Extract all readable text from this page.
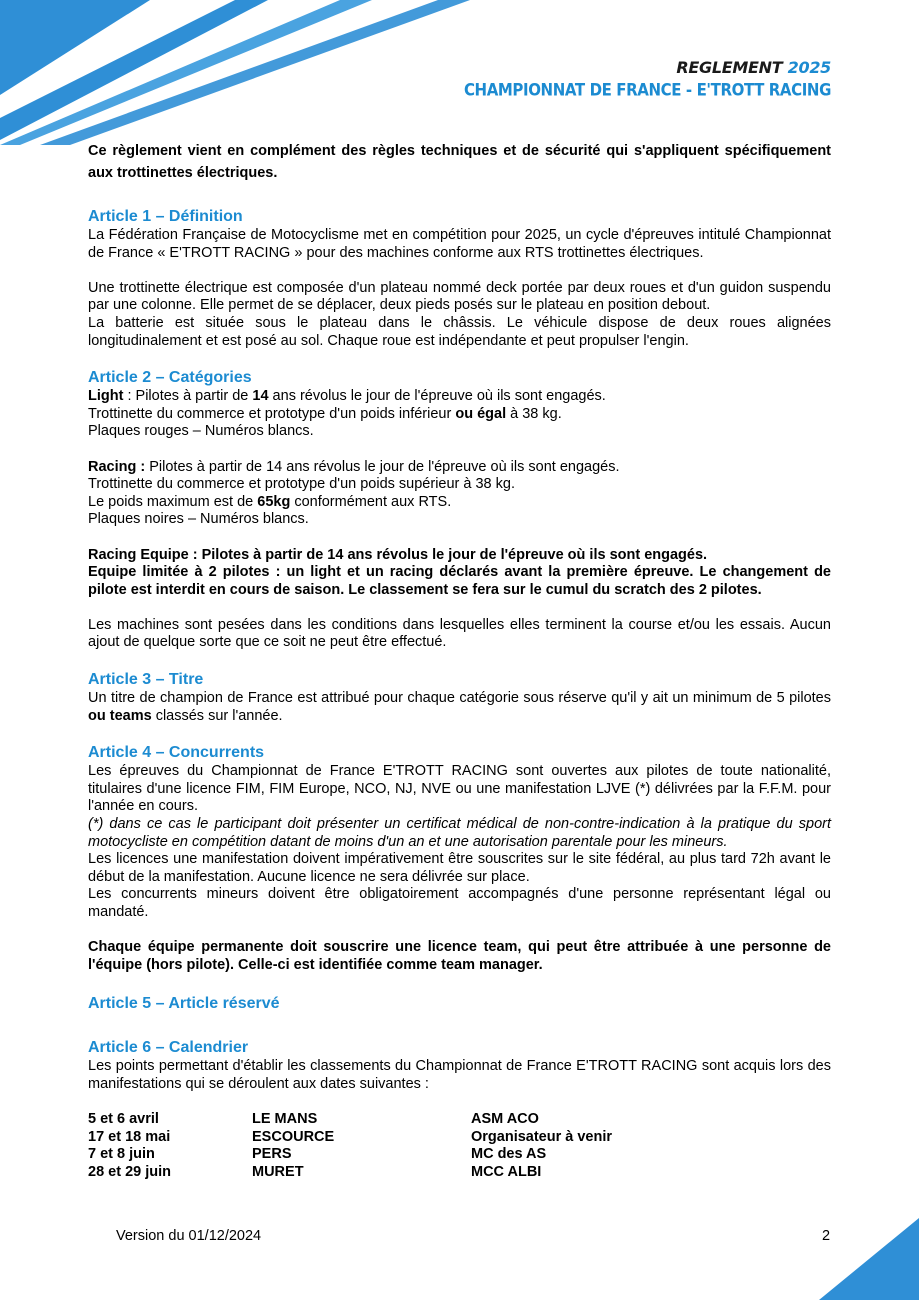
REGLEMENT 2025
CHAMPIONNAT DE FRANCE - E'TROTT RACING

Ce règlement vient en complément des règles techniques et de sécurité qui s'appliquent spécifiquement aux trottinettes électriques.

Article 1 – Définition

La Fédération Française de Motocyclisme met en compétition pour 2025, un cycle d'épreuves intitulé Championnat de France « E'TROTT RACING » pour des machines conforme aux RTS trottinettes électriques.

Une trottinette électrique est composée d'un plateau nommé deck portée par deux roues et d'un guidon suspendu par une colonne. Elle permet de se déplacer, deux pieds posés sur le plateau en position debout.

La batterie est située sous le plateau dans le châssis. Le véhicule dispose de deux roues alignées longitudinalement et est posé au sol. Chaque roue est indépendante et peut propulser l'engin.

Article 2 – Catégories

Light : Pilotes à partir de 14 ans révolus le jour de l'épreuve où ils sont engagés.

Trottinette du commerce et prototype d'un poids inférieur ou égal à 38 kg.

Plaques rouges – Numéros blancs.

Racing : Pilotes à partir de 14 ans révolus le jour de l'épreuve où ils sont engagés.

Trottinette du commerce et prototype d'un poids supérieur à 38 kg.

Le poids maximum est de 65kg conformément aux RTS.

Plaques noires – Numéros blancs.

Racing Equipe : Pilotes à partir de 14 ans révolus le jour de l'épreuve où ils sont engagés.

Equipe limitée à 2 pilotes : un light et un racing déclarés avant la première épreuve. Le changement de pilote est interdit en cours de saison. Le classement se fera sur le cumul du scratch des 2 pilotes.

Les machines sont pesées dans les conditions dans lesquelles elles terminent la course et/ou les essais. Aucun ajout de quelque sorte que ce soit ne peut être effectué.

Article 3 – Titre

Un titre de champion de France est attribué pour chaque catégorie sous réserve qu'il y ait un minimum de 5 pilotes ou teams classés sur l'année.

Article 4 – Concurrents

Les épreuves du Championnat de France E'TROTT RACING sont ouvertes aux pilotes de toute nationalité, titulaires d'une licence FIM, FIM Europe, NCO, NJ, NVE ou une manifestation LJVE (*) délivrées par la F.F.M. pour l'année en cours.

(*) dans ce cas le participant doit présenter un certificat médical de non-contre-indication à la pratique du sport motocycliste en compétition datant de moins d'un an et une autorisation parentale pour les mineurs.

Les licences une manifestation doivent impérativement être souscrites sur le site fédéral, au plus tard 72h avant le début de la manifestation. Aucune licence ne sera délivrée sur place.

Les concurrents mineurs doivent être obligatoirement accompagnés d'une personne représentant légal ou mandaté.

Chaque équipe permanente doit souscrire une licence team, qui peut être attribuée à une personne de l'équipe (hors pilote). Celle-ci est identifiée comme team manager.

Article 5 – Article réservé
Article 6 – Calendrier

Les points permettant d'établir les classements du Championnat de France E'TROTT RACING sont acquis lors des manifestations qui se déroulent aux dates suivantes :

5 et 6 avril	LE MANS	ASM ACO
17 et 18 mai	ESCOURCE	Organisateur à venir
7 et 8 juin	PERS	MC des AS
28 et 29 juin	MURET	MCC ALBI
Version du 01/12/2024	2
